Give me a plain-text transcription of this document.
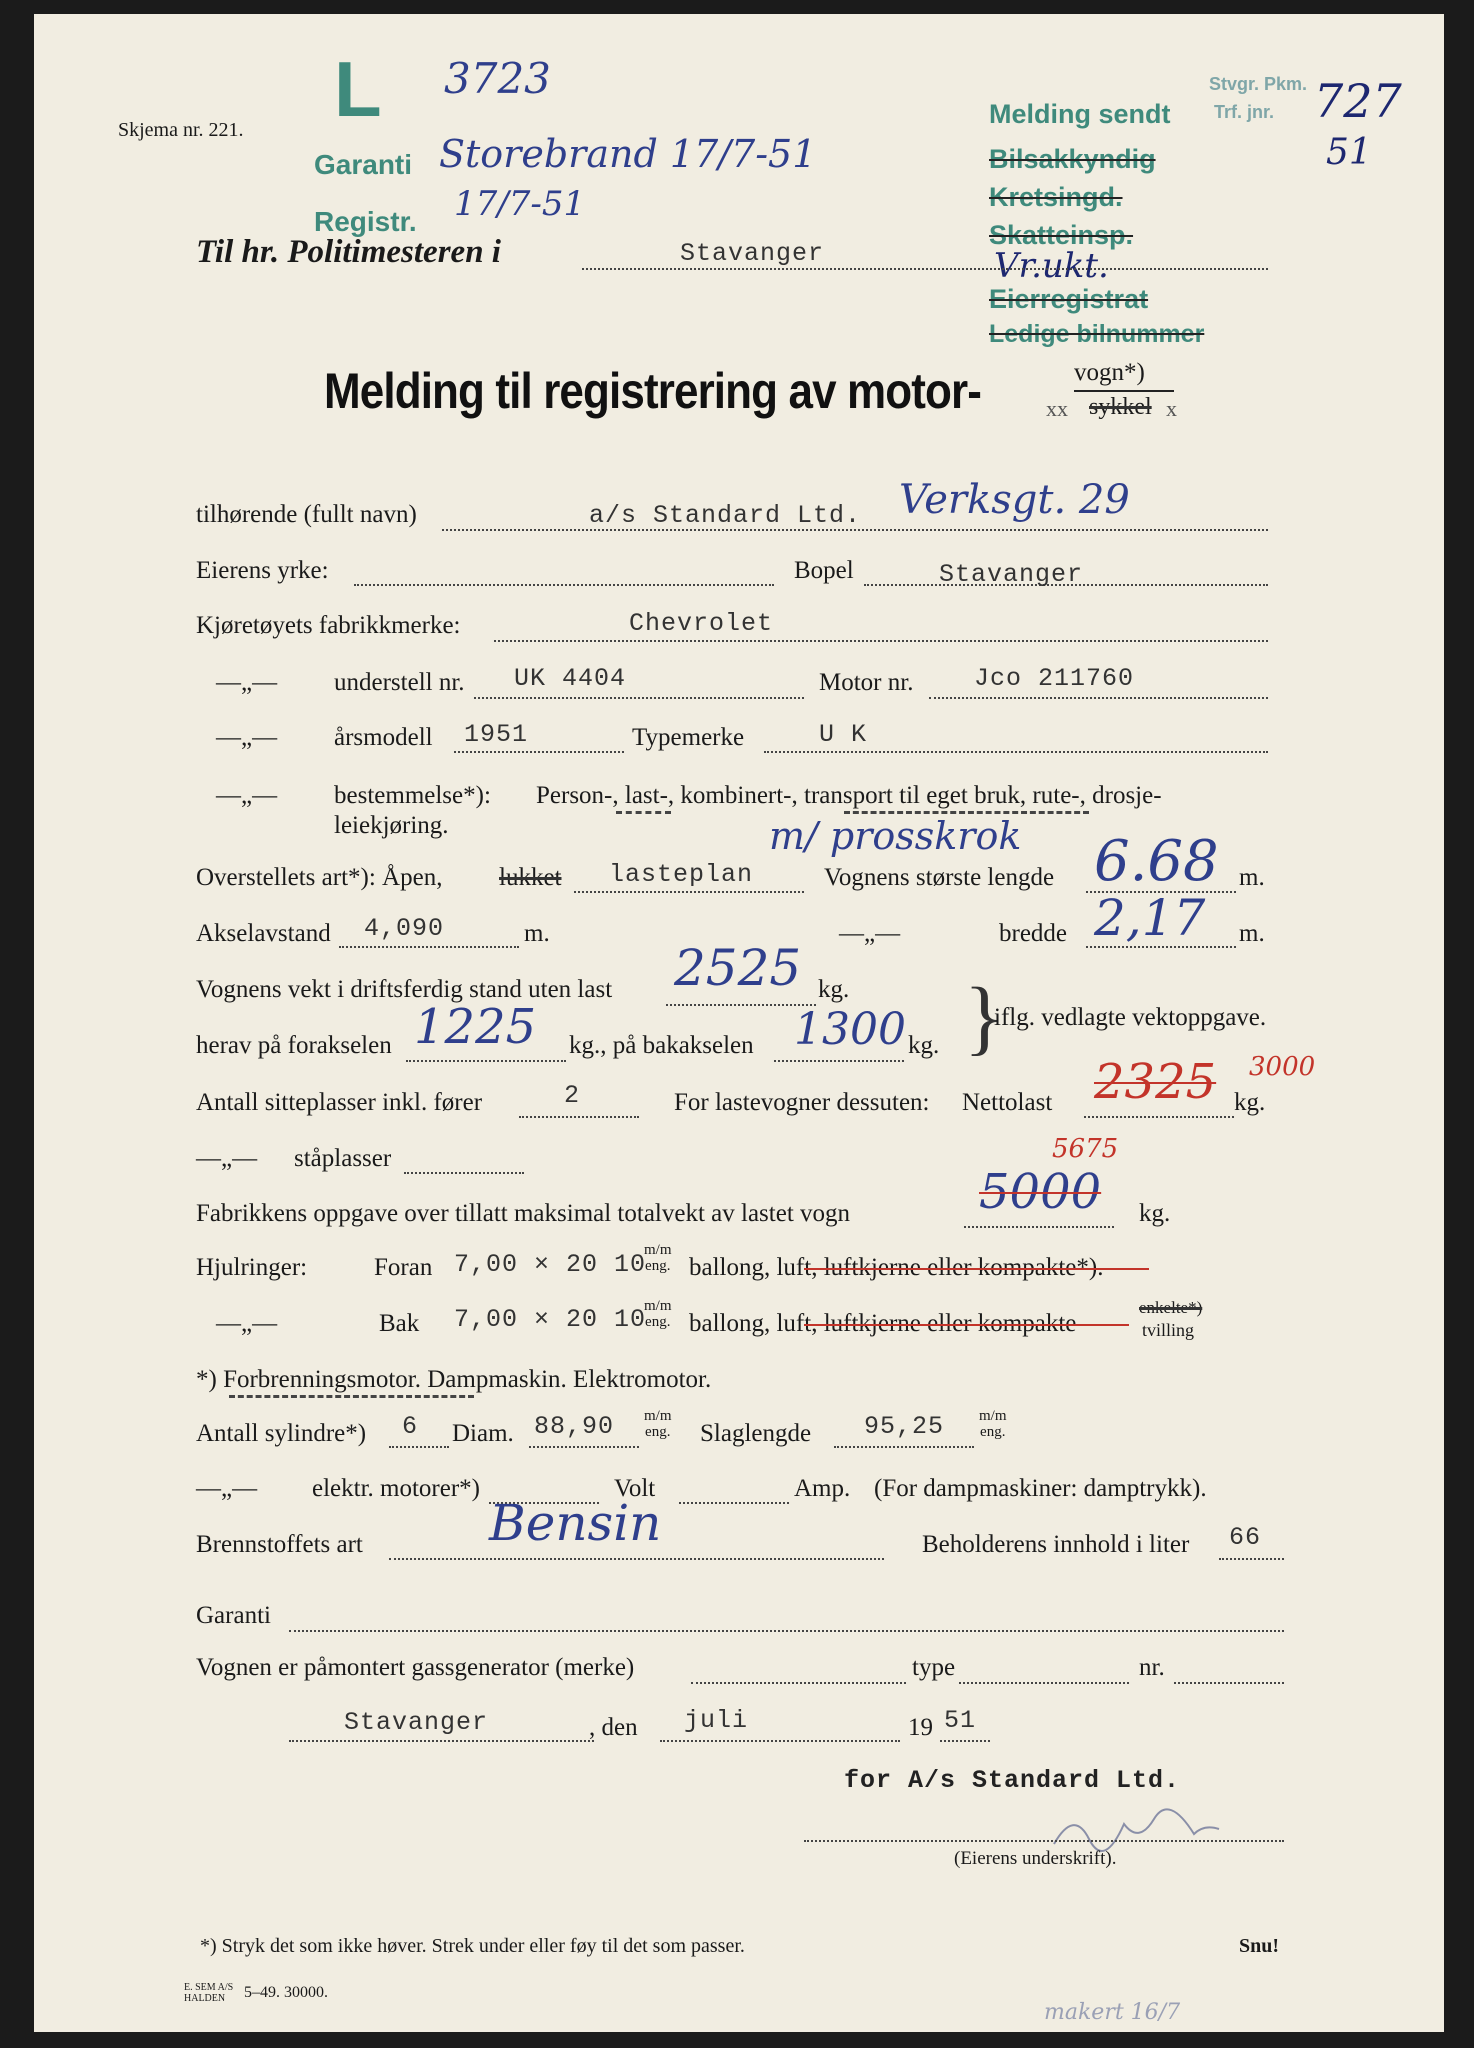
Skjema nr. 221. L 3723
Garanti Storebrand 17/7-51
Registr. 17/7-51
Melding sendt
Bilsakkyndig
Kretsingd.
Skatteinsp.
Vr.ukt.
Eierregistrat
Ledige bilnummer
Stvgr. Pkm.
Trf. jnr. 727
51
Til hr. Politimesteren i	Stavanger
Melding til registrering av motor-	vogn*)
xx sykkel x
tilhørende (fullt navn)	a/s Standard Ltd. Verksgt. 29
Eierens yrke:	Bopel	Stavanger
Kjøretøyets fabrikkmerke:	Chevrolet
—„— understell nr. UK 4404	Motor nr. Jco 211760
—„— årsmodell 1951	Typemerke	U K
—„— bestemmelse*): Person-, last-, kombinert-, transport til eget bruk, rute-, drosje-
leiekjøring.	m/ prosskrok
Overstellets art*): Åpen, lukket lasteplan	Vognens største lengde 6.68 m.
Akselavstand 4,090	m.	—„—	bredde 2,17 m.
Vognens vekt i driftsferdig stand uten last 2525 kg.
herav på forakselen 1225 kg., på bakakselen 1300 kg. }
iflg. vedlagte vektoppgave.
Antall sitteplasser inkl. fører	2	For lastevogner dessuten: Nettolast 2325 3000
kg.
—„— ståplasser	5675
Fabrikkens oppgave over tillatt maksimal totalvekt av lastet vogn	5000 kg.
Hjulringer:	Foran 7,00 × 20 10
m/m
eng. ballong, luft, luftkjerne eller kompakte*).
—„—	Bak 7,00 × 20 10
m/m
eng. ballong, luft, luftkjerne eller kompakte
enkelte*)
tvilling
*) Forbrenningsmotor. Dampmaskin. Elektromotor.
Antall sylindre*) 6 Diam. 88,90 m/m
eng. Slaglengde 95,25 m/m
eng.
—„— elektr. motorer*)	Volt	Amp. (For dampmaskiner: damptrykk).
Brennstoffets art	Bensin	Beholderens innhold i liter 66
Garanti
Vognen er påmontert gassgenerator (merke)	type	nr.
Stavanger	, den juli	19 51
for A/s Standard Ltd.
(Eierens underskrift).
*) Stryk det som ikke høver. Strek under eller føy til det som passer.	Snu!
E. SEM A/S
HALDEN	5–49. 30000.
makert 16/7
